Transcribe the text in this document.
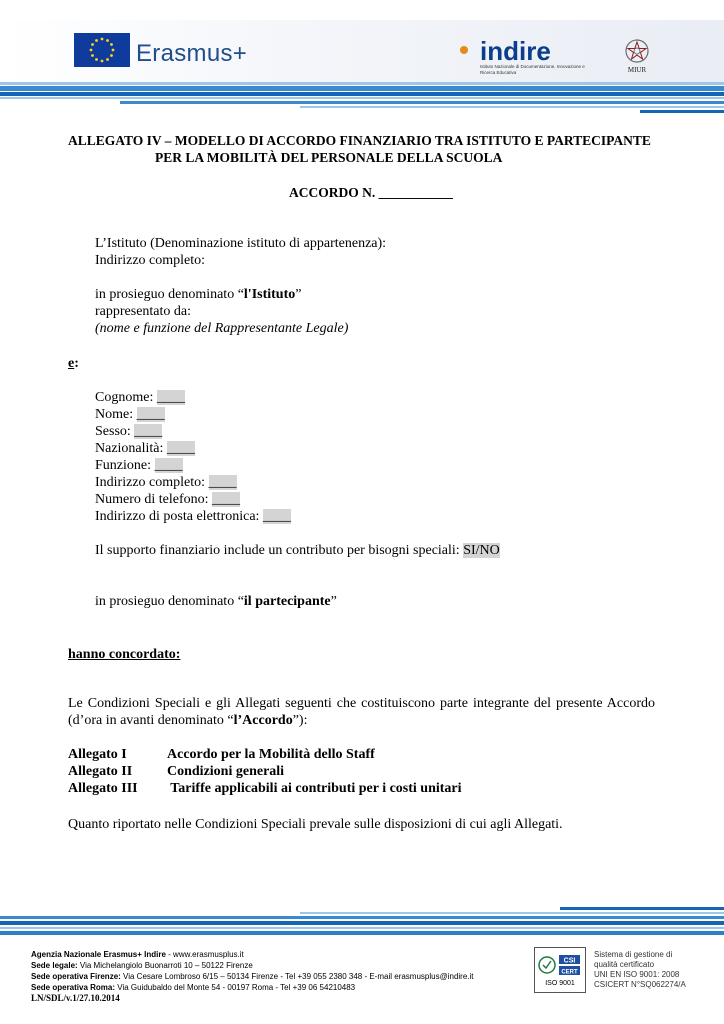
Erasmus+	indire
Istituto Nazionale di Documentazione, Innovazione e Ricerca Educativa	MIUR
ALLEGATO IV – MODELLO DI ACCORDO FINANZIARIO TRA ISTITUTO E PARTECIPANTE
PER LA MOBILITÀ DEL PERSONALE DELLA SCUOLA
ACCORDO N. ___________
L’Istituto (Denominazione istituto di appartenenza):
Indirizzo completo:
in prosieguo denominato “l'Istituto”
rappresentato da:
(nome e funzione del Rappresentante Legale)
e:
Cognome: ____
Nome: ____
Sesso: ____
Nazionalità: ____
Funzione: ____
Indirizzo completo: ____
Numero di telefono: ____
Indirizzo di posta elettronica: ____
Il supporto finanziario include un contributo per bisogni speciali: SI/NO
in prosieguo denominato “il partecipante”
hanno concordato:
Le Condizioni Speciali e gli Allegati seguenti che costituiscono parte integrante del presente Accordo (d’ora in avanti denominato “l’Accordo”):
Allegato I	Accordo per la Mobilità dello Staff
Allegato II Condizioni generali
Allegato III Tariffe applicabili ai contributi per i costi unitari
Quanto riportato nelle Condizioni Speciali prevale sulle disposizioni di cui agli Allegati.
Agenzia Nazionale Erasmus+ Indire - www.erasmusplus.it
Sede legale: Via Michelangiolo Buonarroti 10 – 50122 Firenze
Sede operativa Firenze: Via Cesare Lombroso 6/15 – 50134 Firenze - Tel +39 055 2380 348 - E-mail erasmusplus@indire.it
Sede operativa Roma: Via Guidubaldo del Monte 54 - 00197 Roma - Tel +39 06 54210483
LN/SDL/v.1/27.10.2014
CSI
CERT
ISO 9001
Sistema di gestione di
qualità certificato
UNI EN ISO 9001: 2008
CSICERT N°SQ062274/A
